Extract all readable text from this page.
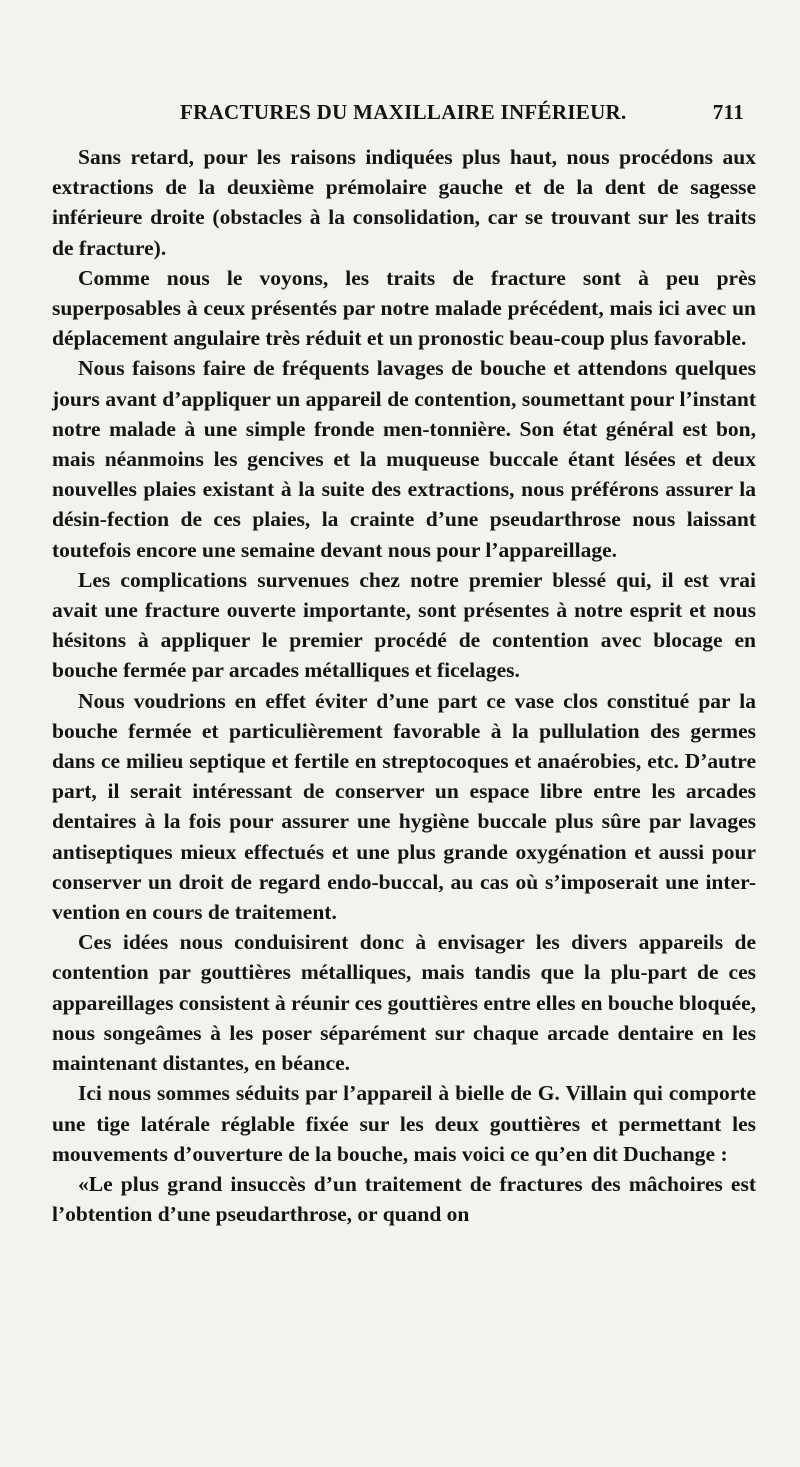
FRACTURES DU MAXILLAIRE INFÉRIEUR.	711

Sans retard, pour les raisons indiquées plus haut, nous procédons aux extractions de la deuxième prémolaire gauche et de la dent de sagesse inférieure droite (obstacles à la consolidation, car se trouvant sur les traits de fracture).

Comme nous le voyons, les traits de fracture sont à peu près superposables à ceux présentés par notre malade précédent, mais ici avec un déplacement angulaire très réduit et un pronostic beau-coup plus favorable.

Nous faisons faire de fréquents lavages de bouche et attendons quelques jours avant d’appliquer un appareil de contention, soumettant pour l’instant notre malade à une simple fronde men-tonnière. Son état général est bon, mais néanmoins les gencives et la muqueuse buccale étant lésées et deux nouvelles plaies existant à la suite des extractions, nous préférons assurer la désin-fection de ces plaies, la crainte d’une pseudarthrose nous laissant toutefois encore une semaine devant nous pour l’appareillage.

Les complications survenues chez notre premier blessé qui, il est vrai avait une fracture ouverte importante, sont présentes à notre esprit et nous hésitons à appliquer le premier procédé de contention avec blocage en bouche fermée par arcades métalliques et ficelages.

Nous voudrions en effet éviter d’une part ce vase clos constitué par la bouche fermée et particulièrement favorable à la pullulation des germes dans ce milieu septique et fertile en streptocoques et anaérobies, etc. D’autre part, il serait intéressant de conserver un espace libre entre les arcades dentaires à la fois pour assurer une hygiène buccale plus sûre par lavages antiseptiques mieux effectués et une plus grande oxygénation et aussi pour conserver un droit de regard endo-buccal, au cas où s’imposerait une inter-vention en cours de traitement.

Ces idées nous conduisirent donc à envisager les divers appareils de contention par gouttières métalliques, mais tandis que la plu-part de ces appareillages consistent à réunir ces gouttières entre elles en bouche bloquée, nous songeâmes à les poser séparément sur chaque arcade dentaire en les maintenant distantes, en béance.

Ici nous sommes séduits par l’appareil à bielle de G. Villain qui comporte une tige latérale réglable fixée sur les deux gouttières et permettant les mouvements d’ouverture de la bouche, mais voici ce qu’en dit Duchange :

«Le plus grand insuccès d’un traitement de fractures des mâchoires est l’obtention d’une pseudarthrose, or quand on
